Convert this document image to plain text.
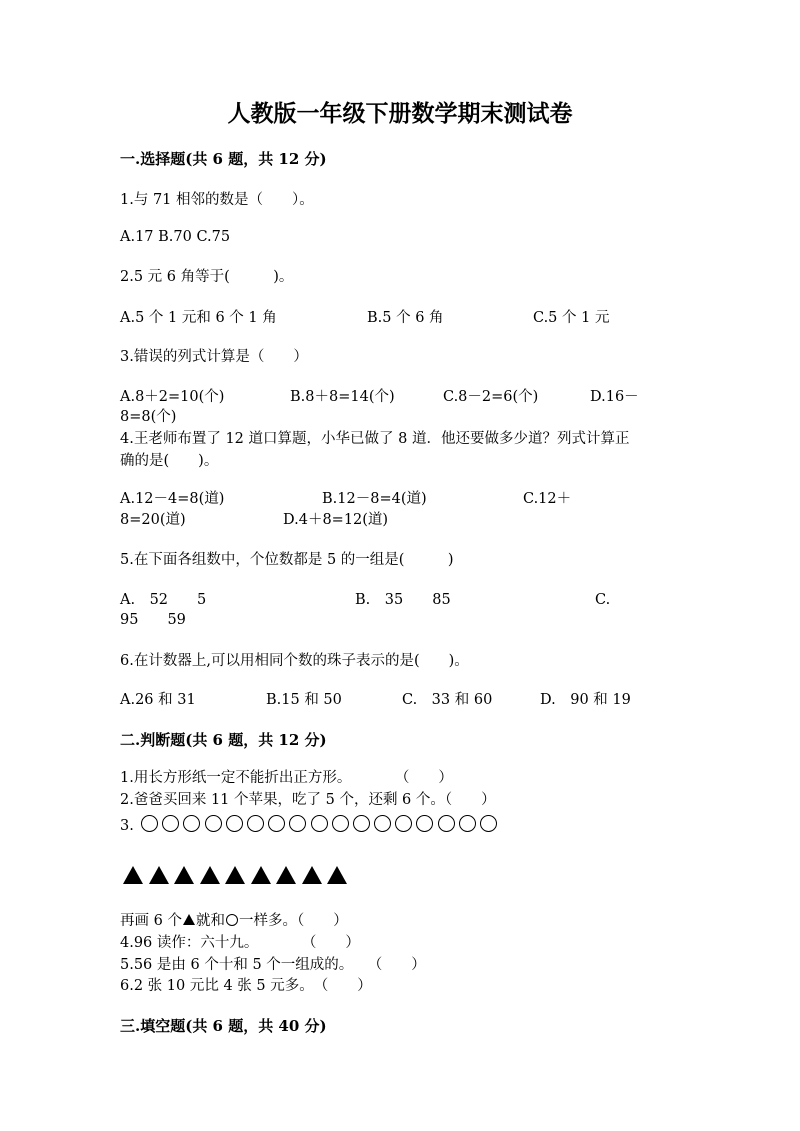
人教版一年级下册数学期末测试卷
一.选择题(共 6 题，共 12 分)
1.与 71 相邻的数是（　　）。
A.17 B.70 C.75
2.5 元 6 角等于(　　　)。
A.5 个 1 元和 6 个 1 角	B.5 个 6 角	C.5 个 1 元
3.错误的列式计算是（　　）
A.8＋2=10(个)	B.8＋8=14(个)	C.8－2=6(个)	D.16－
8=8(个)
4.王老师布置了 12 道口算题，小华已做了 8 道．他还要做多少道？列式计算正
确的是(　　)。
A.12－4=8(道)	B.12－8=4(道)	C.12＋
8=20(道)	D.4＋8=12(道)
5.在下面各组数中，个位数都是 5 的一组是(　　　)
A.　52　　5	B.　35　　85	C.
95　　59
6.在计数器上,可以用相同个数的珠子表示的是(　　)。
A.26 和 31	B.15 和 50	C.　33 和 60	D.　90 和 19
二.判断题(共 6 题，共 12 分)
1.用长方形纸一定不能折出正方形。　　　　（　　）
2.爸爸买回来 11 个苹果，吃了 5 个，还剩 6 个。（　　）
3.
再画 6 个 就和 一样多。（　　）
4.96 读作：六十九。　　　　（　　）
5.56 是由 6 个十和 5 个一组成的。　　（　　）
6.2 张 10 元比 4 张 5 元多。　（　　）
三.填空题(共 6 题，共 40 分)
